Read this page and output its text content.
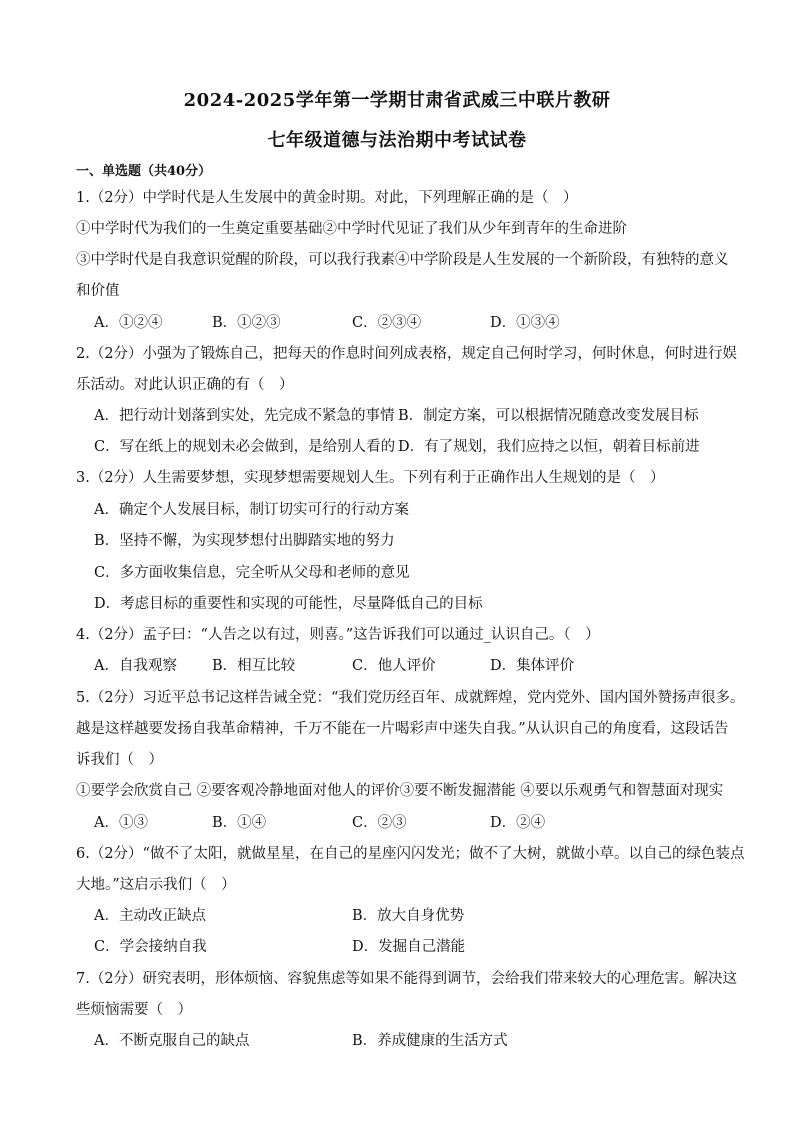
2024-2025学年第一学期甘肃省武威三中联片教研
七年级道德与法治期中考试试卷
一、单选题（共40分）
1.（2分）中学时代是人生发展中的黄金时期。对此，下列理解正确的是（　）
①中学时代为我们的一生奠定重要基础②中学时代见证了我们从少年到青年的生命进阶
③中学时代是自我意识觉醒的阶段，可以我行我素④中学阶段是人生发展的一个新阶段，有独特的意义
和价值
A．①②④	B．①②③	C．②③④	D．①③④
2.（2分）小强为了锻炼自己，把每天的作息时间列成表格，规定自己何时学习，何时休息，何时进行娱
乐活动。对此认识正确的有（　）
A．把行动计划落到实处，先完成不紧急的事情 B．制定方案，可以根据情况随意改变发展目标
C．写在纸上的规划未必会做到，是给别人看的 D．有了规划，我们应持之以恒，朝着目标前进
3.（2分）人生需要梦想，实现梦想需要规划人生。下列有利于正确作出人生规划的是（　）
A．确定个人发展目标，制订切实可行的行动方案
B．坚持不懈，为实现梦想付出脚踏实地的努力
C．多方面收集信息，完全听从父母和老师的意见
D．考虑目标的重要性和实现的可能性，尽量降低自己的目标
4.（2分）孟子曰：“人告之以有过，则喜。”这告诉我们可以通过_认识自己。（　）
A．自我观察 B．相互比较	C．他人评价	D．集体评价
5.（2分）习近平总书记这样告诫全党：“我们党历经百年、成就辉煌，党内党外、国内国外赞扬声很多。
越是这样越要发扬自我革命精神，千万不能在一片喝彩声中迷失自我。”从认识自己的角度看，这段话告
诉我们（　）
①要学会欣赏自己 ②要客观冷静地面对他人的评价③要不断发掘潜能 ④要以乐观勇气和智慧面对现实
A．①③	B．①④	C．②③	D．②④
6.（2分）“做不了太阳，就做星星，在自己的星座闪闪发光；做不了大树，就做小草。以自己的绿色装点
大地。”这启示我们（　）
A．主动改正缺点	B．放大自身优势
C．学会接纳自我	D．发掘自己潜能
7.（2分）研究表明，形体烦恼、容貌焦虑等如果不能得到调节，会给我们带来较大的心理危害。解决这
些烦恼需要（　）
A．不断克服自己的缺点	B．养成健康的生活方式
